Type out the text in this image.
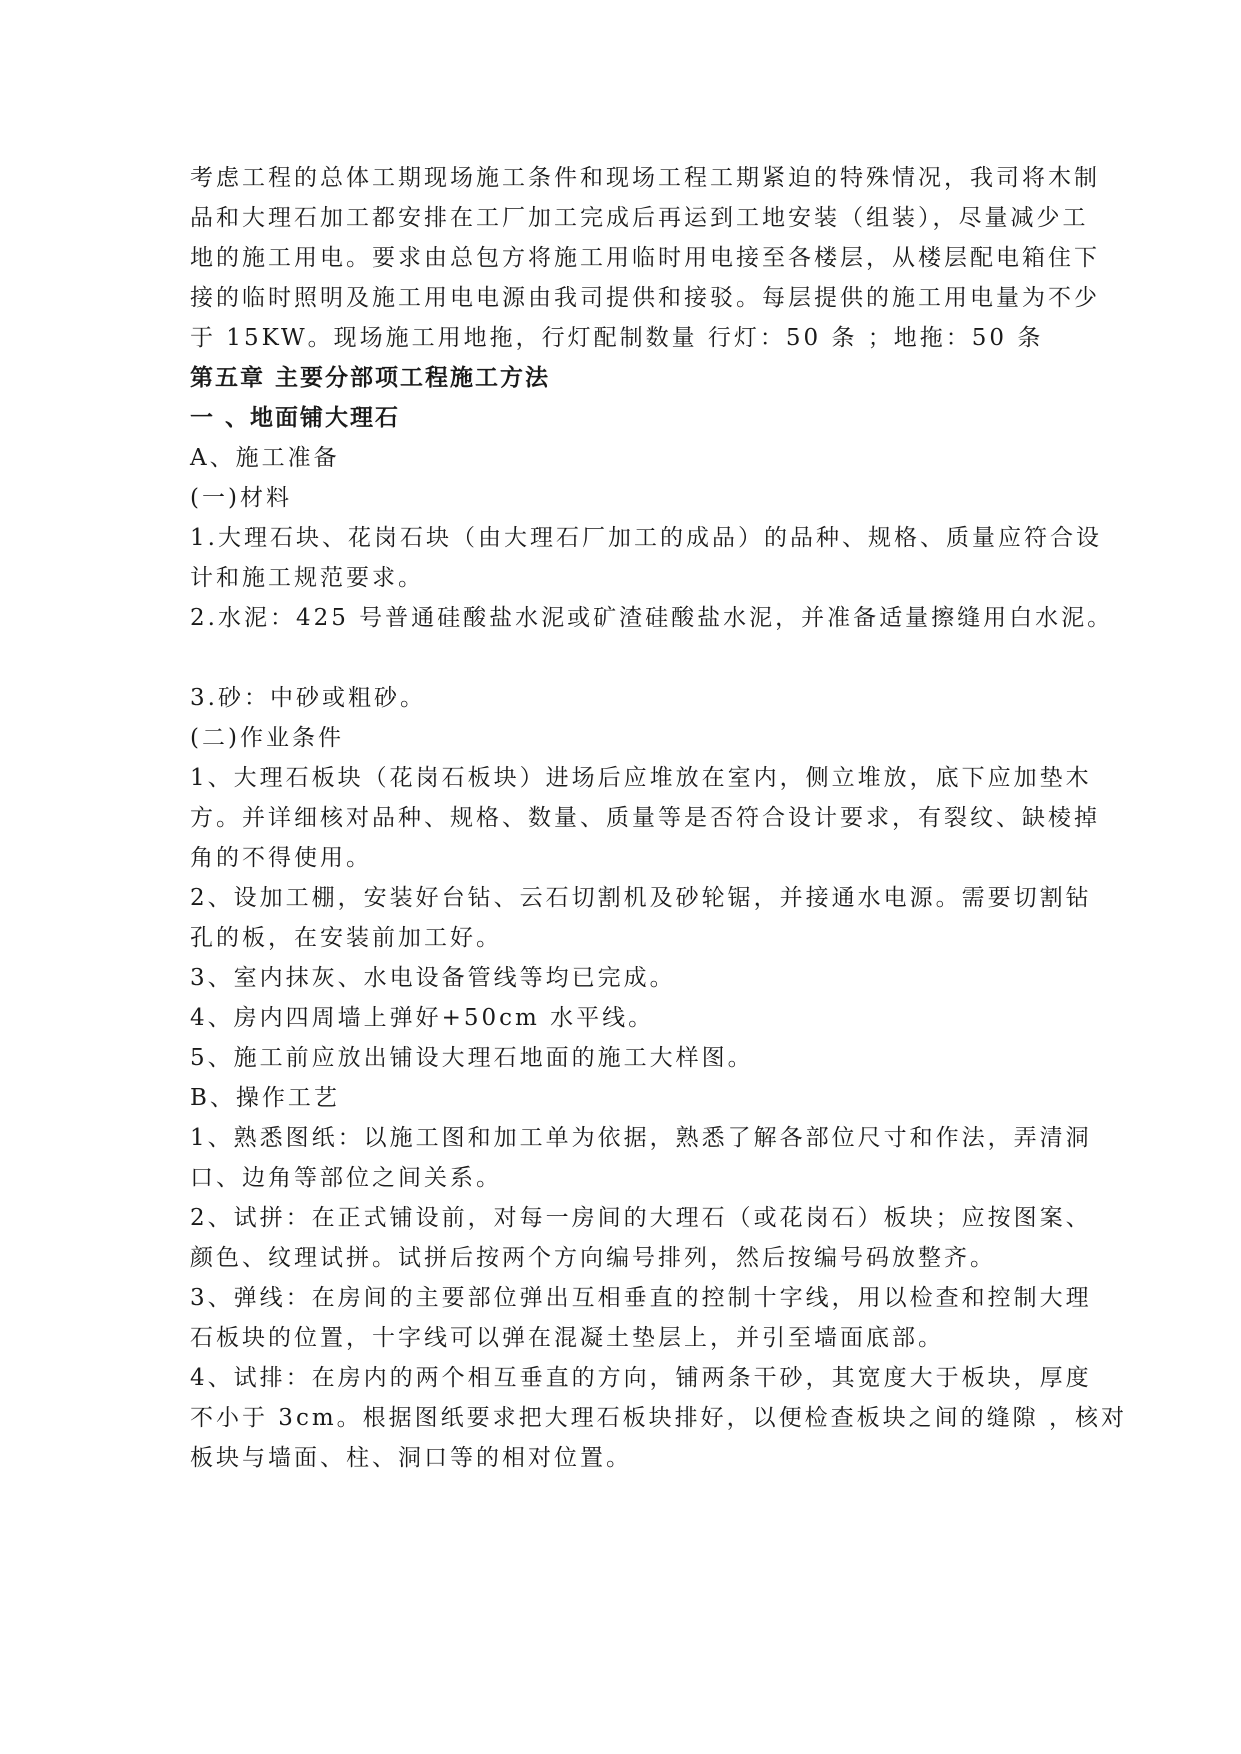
考虑工程的总体工期现场施工条件和现场工程工期紧迫的特殊情况，我司将木制
品和大理石加工都安排在工厂加工完成后再运到工地安装（组装），尽量减少工
地的施工用电。要求由总包方将施工用临时用电接至各楼层，从楼层配电箱住下
接的临时照明及施工用电电源由我司提供和接驳。每层提供的施工用电量为不少
于 15KW。现场施工用地拖，行灯配制数量 行灯：50 条 ；地拖：50 条
第五章 主要分部项工程施工方法
一 、地面铺大理石
A、施工准备
(一)材料
1.大理石块、花岗石块（由大理石厂加工的成品）的品种、规格、质量应符合设
计和施工规范要求。
2.水泥：425 号普通硅酸盐水泥或矿渣硅酸盐水泥，并准备适量擦缝用白水泥。
3.砂：中砂或粗砂。
(二)作业条件
1、大理石板块（花岗石板块）进场后应堆放在室内，侧立堆放，底下应加垫木
方。并详细核对品种、规格、数量、质量等是否符合设计要求，有裂纹、缺棱掉
角的不得使用。
2、设加工棚，安装好台钻、云石切割机及砂轮锯，并接通水电源。需要切割钻
孔的板，在安装前加工好。
3、室内抹灰、水电设备管线等均已完成。
4、房内四周墙上弹好+50cm 水平线。
5、施工前应放出铺设大理石地面的施工大样图。
B、操作工艺
1、熟悉图纸：以施工图和加工单为依据，熟悉了解各部位尺寸和作法，弄清洞
口、边角等部位之间关系。
2、试拼：在正式铺设前，对每一房间的大理石（或花岗石）板块；应按图案、
颜色、纹理试拼。试拼后按两个方向编号排列，然后按编号码放整齐。
3、弹线：在房间的主要部位弹出互相垂直的控制十字线，用以检查和控制大理
石板块的位置，十字线可以弹在混凝土垫层上，并引至墙面底部。
4、试排：在房内的两个相互垂直的方向，铺两条干砂，其宽度大于板块，厚度
不小于 3cm。根据图纸要求把大理石板块排好，以便检查板块之间的缝隙 ，核对
板块与墙面、柱、洞口等的相对位置。
